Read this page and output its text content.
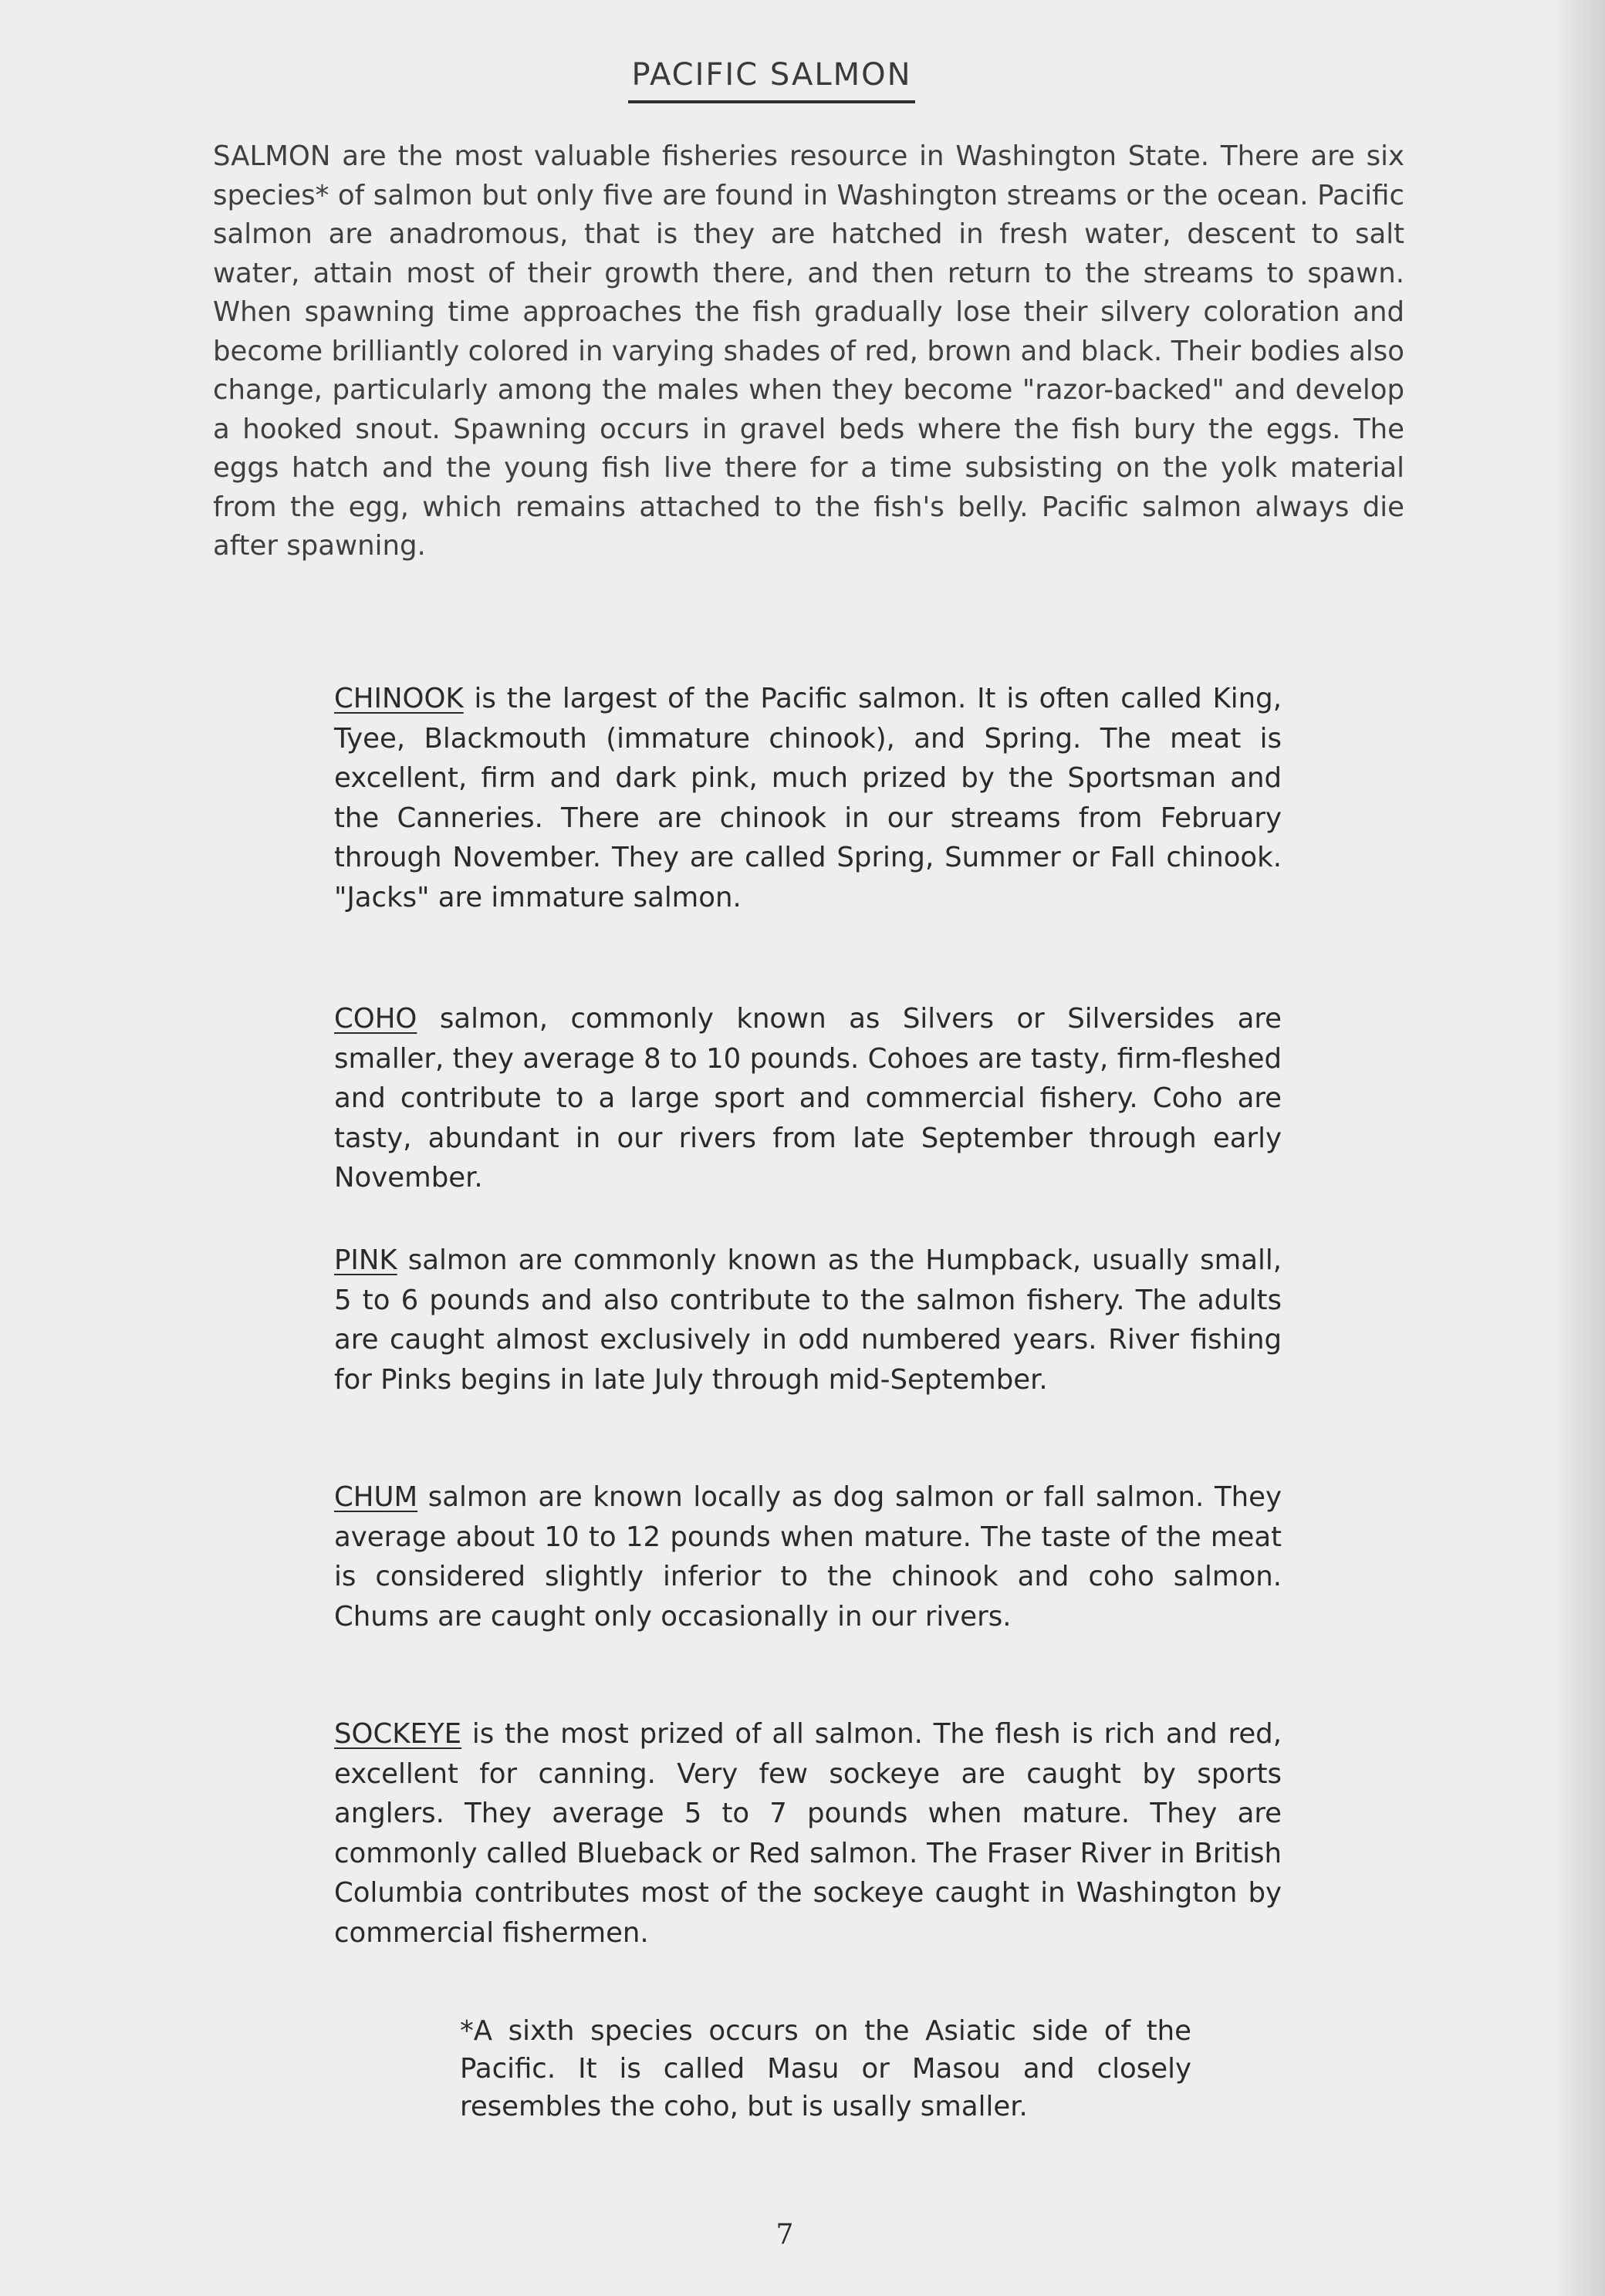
PACIFIC SALMON

SALMON are the most valuable fisheries resource in Washington State. There are six species* of salmon but only five are found in Washington streams or the ocean. Pacific salmon are anadromous, that is they are hatched in fresh water, descent to salt water, attain most of their growth there, and then return to the streams to spawn. When spawning time approaches the fish gradually lose their silvery coloration and become brilliantly colored in varying shades of red, brown and black. Their bodies also change, particularly among the males when they become "razor-backed" and develop a hooked snout. Spawning occurs in gravel beds where the fish bury the eggs. The eggs hatch and the young fish live there for a time subsisting on the yolk material from the egg, which remains attached to the fish's belly. Pacific salmon always die after spawning.

CHINOOK is the largest of the Pacific salmon. It is often called King, Tyee, Blackmouth (immature chinook), and Spring. The meat is excellent, firm and dark pink, much prized by the Sportsman and the Canneries. There are chinook in our streams from February through November. They are called Spring, Summer or Fall chinook. "Jacks" are immature salmon.

COHO salmon, commonly known as Silvers or Silversides are smaller, they average 8 to 10 pounds. Cohoes are tasty, firm-fleshed and contribute to a large sport and commercial fishery. Coho are tasty, abundant in our rivers from late September through early November.

PINK salmon are commonly known as the Humpback, usually small, 5 to 6 pounds and also contribute to the salmon fishery. The adults are caught almost exclusively in odd numbered years. River fishing for Pinks begins in late July through mid-September.

CHUM salmon are known locally as dog salmon or fall salmon. They average about 10 to 12 pounds when mature. The taste of the meat is considered slightly inferior to the chinook and coho salmon. Chums are caught only occasionally in our rivers.

SOCKEYE is the most prized of all salmon. The flesh is rich and red, excellent for canning. Very few sockeye are caught by sports anglers. They average 5 to 7 pounds when mature. They are commonly called Blueback or Red salmon. The Fraser River in British Columbia contributes most of the sockeye caught in Washington by commercial fishermen.

*A sixth species occurs on the Asiatic side of the Pacific. It is called Masu or Masou and closely resembles the coho, but is usally smaller.

7
